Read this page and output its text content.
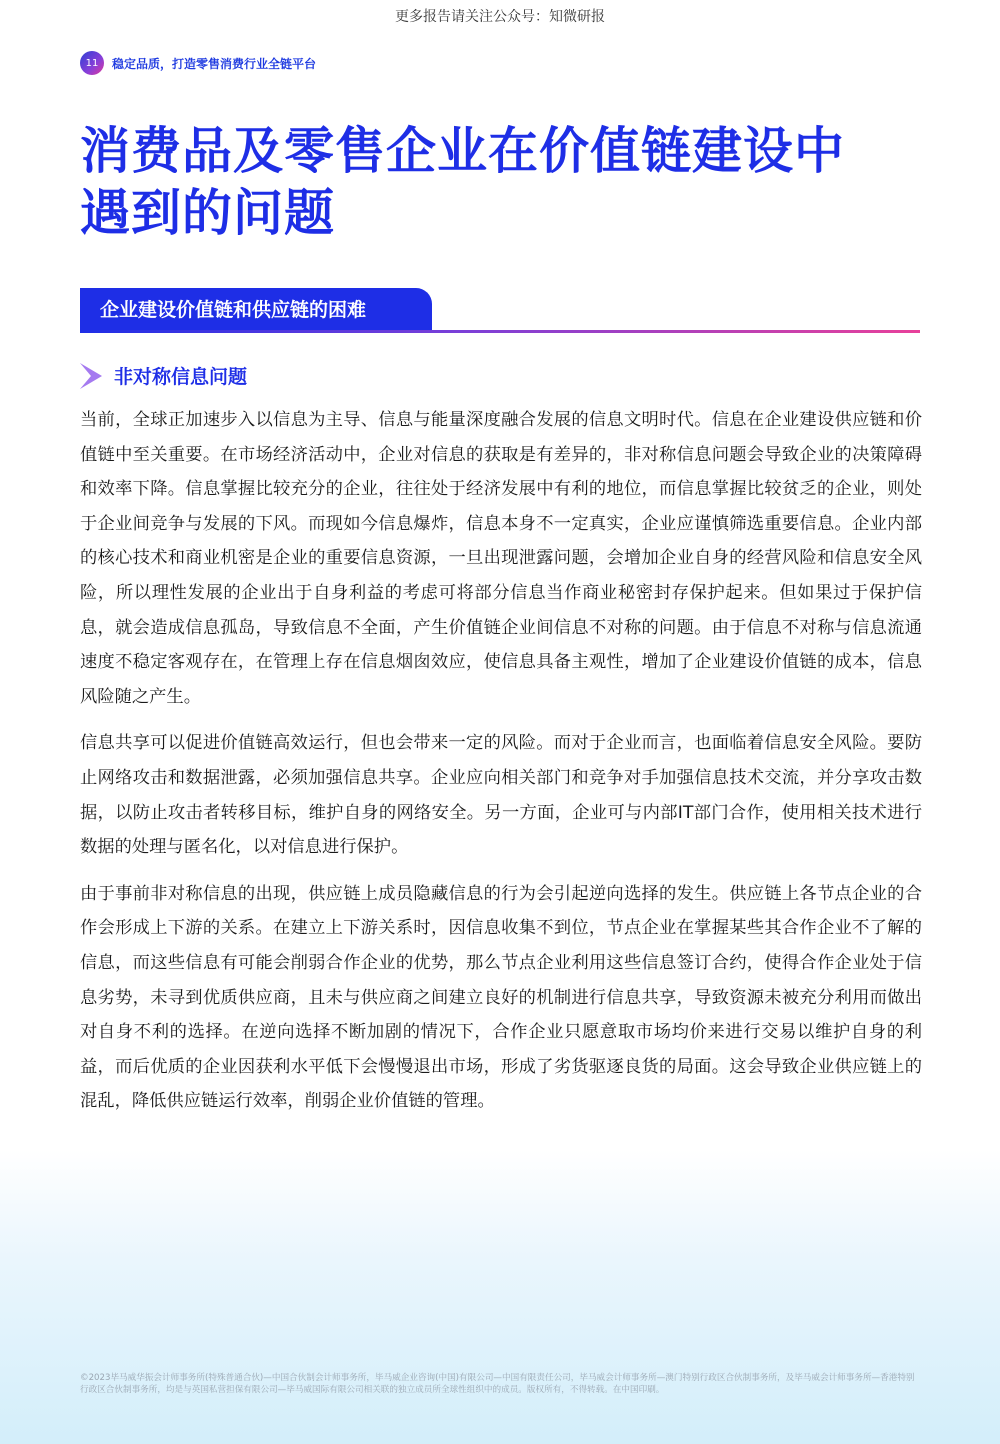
更多报告请关注公众号：知微研报
11	稳定品质，打造零售消费行业全链平台
消费品及零售企业在价值链建设中
遇到的问题
企业建设价值链和供应链的困难
非对称信息问题

当前，全球正加速步入以信息为主导、信息与能量深度融合发展的信息文明时代。信息在企业建设供应链和价值链中至关重要。在市场经济活动中，企业对信息的获取是有差异的，非对称信息问题会导致企业的决策障碍和效率下降。信息掌握比较充分的企业，往往处于经济发展中有利的地位，而信息掌握比较贫乏的企业，则处于企业间竞争与发展的下风。而现如今信息爆炸，信息本身不一定真实，企业应谨慎筛选重要信息。企业内部的核心技术和商业机密是企业的重要信息资源，一旦出现泄露问题，会增加企业自身的经营风险和信息安全风险，所以理性发展的企业出于自身利益的考虑可将部分信息当作商业秘密封存保护起来。但如果过于保护信息，就会造成信息孤岛，导致信息不全面，产生价值链企业间信息不对称的问题。由于信息不对称与信息流通速度不稳定客观存在，在管理上存在信息烟囱效应，使信息具备主观性，增加了企业建设价值链的成本，信息风险随之产生。

信息共享可以促进价值链高效运行，但也会带来一定的风险。而对于企业而言，也面临着信息安全风险。要防止网络攻击和数据泄露，必须加强信息共享。企业应向相关部门和竞争对手加强信息技术交流，并分享攻击数据，以防止攻击者转移目标，维护自身的网络安全。另一方面，企业可与内部IT部门合作，使用相关技术进行数据的处理与匿名化，以对信息进行保护。

由于事前非对称信息的出现，供应链上成员隐藏信息的行为会引起逆向选择的发生。供应链上各节点企业的合作会形成上下游的关系。在建立上下游关系时，因信息收集不到位，节点企业在掌握某些其合作企业不了解的信息，而这些信息有可能会削弱合作企业的优势，那么节点企业利用这些信息签订合约，使得合作企业处于信息劣势，未寻到优质供应商，且未与供应商之间建立良好的机制进行信息共享，导致资源未被充分利用而做出对自身不利的选择。在逆向选择不断加剧的情况下，合作企业只愿意取市场均价来进行交易以维护自身的利益，而后优质的企业因获利水平低下会慢慢退出市场，形成了劣货驱逐良货的局面。这会导致企业供应链上的混乱，降低供应链运行效率，削弱企业价值链的管理。

©2023毕马威华振会计师事务所(特殊普通合伙)—中国合伙制会计师事务所，毕马威企业咨询(中国)有限公司—中国有限责任公司，毕马威会计师事务所—澳门特别行政区合伙制事务所，及毕马威会计师事务所—香港特别行政区合伙制事务所，均是与英国私营担保有限公司—毕马威国际有限公司相关联的独立成员所全球性组织中的成员。版权所有，不得转载。在中国印刷。
